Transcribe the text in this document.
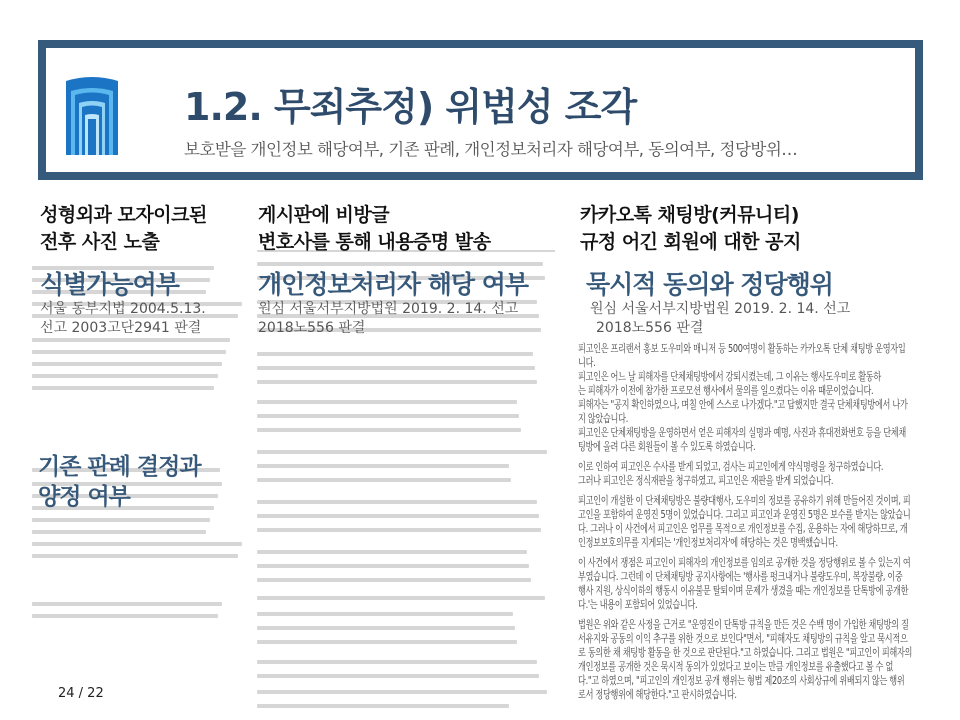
1.2. 무죄추정) 위법성 조각
보호받을 개인정보 해당여부, 기존 판례, 개인정보처리자 해당여부, 동의여부, 정당방위…
피고인은 프리랜서 홍보 도우미와 매니저 등 500여명이 활동하는 카카오톡 단체 채팅방 운영자입
니다.
피고인은 어느 날 피해자를 단체채팅방에서 강퇴시켰는데, 그 이유는 행사도우미로 활동하
는 피해자가 이전에 참가한 프로모션 행사에서 물의를 일으켰다는 이유 때문이었습니다.
피해자는 "공지 확인하였으나, 며칠 안에 스스로 나가겠다."고 답했지만 결국 단체채팅방에서 나가
지 않았습니다.
피고인은 단체채팅방을 운영하면서 얻은 피해자의 실명과 예명, 사진과 휴대전화번호 등을 단체채
팅방에 올려 다른 회원들이 볼 수 있도록 하였습니다.
이로 인하여 피고인은 수사를 받게 되었고, 검사는 피고인에게 약식명령을 청구하였습니다.
그러나 피고인은 정식재판을 청구하였고, 피고인은 재판을 받게 되었습니다.
피고인이 개설한 이 단체채팅방은 불량대행사, 도우미의 정보를 공유하기 위해 만들어진 것이며, 피
고인을 포함하여 운영진 5명이 있었습니다. 그리고 피고인과 운영진 5명은 보수를 받지는 않았습니
다. 그러나 이 사건에서 피고인은 업무를 목적으로 개인정보를 수집, 운용하는 자에 해당하므로, 개
인정보보호의무를 지게되는 '개인정보처리자'에 해당하는 것은 명백했습니다.
이 사건에서 쟁점은 피고인이 피해자의 개인정보를 임의로 공개한 것을 정당행위로 볼 수 있는지 여
부였습니다. 그런데 이 단체채팅방 공지사항에는 '행사를 펑크내거나 불량도우미, 복장불량, 이중
행사 지원, 상식이하의 행동시 이유불문 탈퇴이며 문제가 생겼을 때는 개인정보를 단톡방에 공개한
다.'는 내용이 포함되어 있었습니다.
법원은 위와 같은 사정을 근거로 "운영진이 단톡방 규칙을 만든 것은 수백 명이 가입한 채팅방의 질
서유지와 공동의 이익 추구를 위한 것으로 보인다"면서, "피해자도 채팅방의 규칙을 알고 묵시적으
로 동의한 채 채팅방 활동을 한 것으로 판단된다."고 하였습니다. 그리고 법원은 "피고인이 피해자의
개인정보를 공개한 것은 묵시적 동의가 있었다고 보이는 만큼 개인정보를 유출했다고 볼 수 없
다."고 하였으며, "피고인의 개인정보 공개 행위는 형법 제20조의 사회상규에 위배되지 않는 행위
로서 정당행위에 해당한다."고 판시하였습니다.
성형외과 모자이크된
전후 사진 노출
식별가능여부
서울 동부지법 2004.5.13.
선고 2003고단2941 판결
기존 판례 결정과
양정 여부
게시판에 비방글
변호사를 통해 내용증명 발송
개인정보처리자 해당 여부
원심 서울서부지방법원 2019. 2. 14. 선고
2018노556 판결
카카오톡 채팅방(커뮤니티)
규정 어긴 회원에 대한 공지
묵시적 동의와 정당행위
원심 서울서부지방법원 2019. 2. 14. 선고
2018노556 판결
24 / 22
